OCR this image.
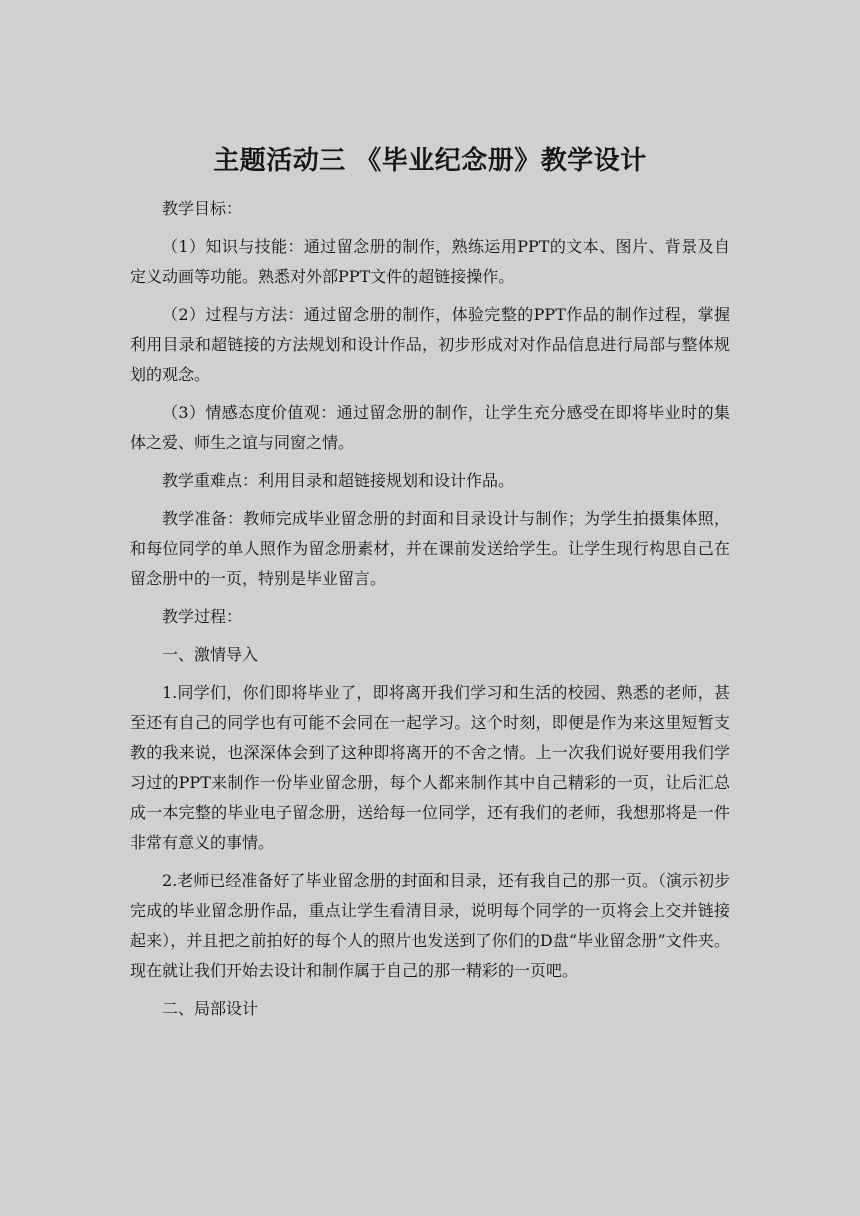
主题活动三 《毕业纪念册》教学设计

教学目标：

（1）知识与技能：通过留念册的制作，熟练运用PPT的文本、图片、背景及自定义动画等功能。熟悉对外部PPT文件的超链接操作。

（2）过程与方法：通过留念册的制作，体验完整的PPT作品的制作过程，掌握利用目录和超链接的方法规划和设计作品，初步形成对对作品信息进行局部与整体规划的观念。

（3）情感态度价值观：通过留念册的制作，让学生充分感受在即将毕业时的集体之爱、师生之谊与同窗之情。

教学重难点：利用目录和超链接规划和设计作品。

教学准备：教师完成毕业留念册的封面和目录设计与制作；为学生拍摄集体照，和每位同学的单人照作为留念册素材，并在课前发送给学生。让学生现行构思自己在留念册中的一页，特别是毕业留言。

教学过程：

一、激情导入

1.同学们，你们即将毕业了，即将离开我们学习和生活的校园、熟悉的老师，甚至还有自己的同学也有可能不会同在一起学习。这个时刻，即便是作为来这里短暂支教的我来说，也深深体会到了这种即将离开的不舍之情。上一次我们说好要用我们学习过的PPT来制作一份毕业留念册，每个人都来制作其中自己精彩的一页，让后汇总成一本完整的毕业电子留念册，送给每一位同学，还有我们的老师，我想那将是一件非常有意义的事情。

2.老师已经准备好了毕业留念册的封面和目录，还有我自己的那一页。（演示初步完成的毕业留念册作品，重点让学生看清目录，说明每个同学的一页将会上交并链接起来），并且把之前拍好的每个人的照片也发送到了你们的D盘“毕业留念册”文件夹。现在就让我们开始去设计和制作属于自己的那一精彩的一页吧。

二、局部设计
